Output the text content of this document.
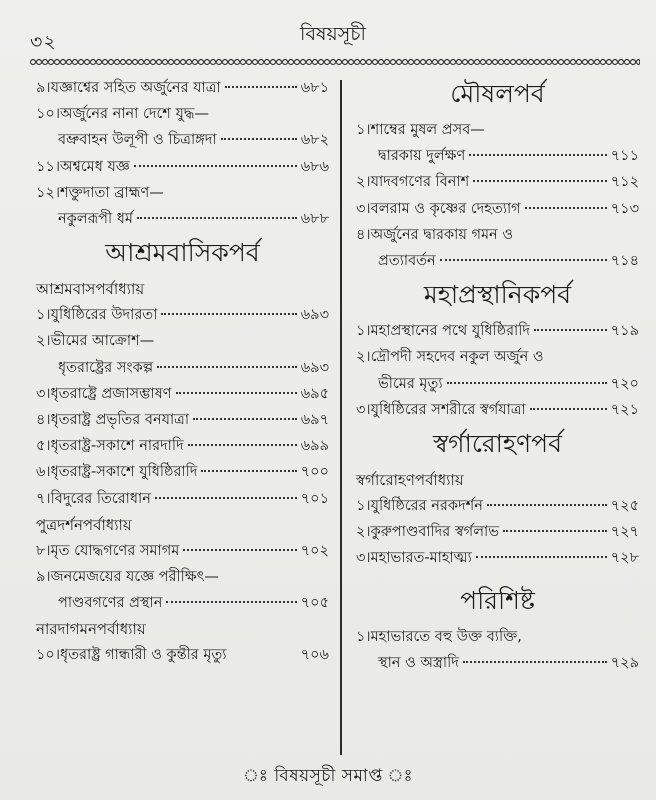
৩২	বিষয়সূচী
৯। যজ্ঞাশ্বের সহিত অর্জুনের যাত্রা	৬৮১
১০। অর্জুনের নানা দেশে যুদ্ধ—
বভ্রুবাহন উলূপী ও চিত্রাঙ্গদা	৬৮২
১১। অশ্বমেধ যজ্ঞ	৬৮৬
১২। শক্তুদাতা ব্রাহ্মণ—
নকুলরূপী ধর্ম	৬৮৮
আশ্রমবাসিকপর্ব
আশ্রমবাসপর্বাধ্যায়
১। যুধিষ্ঠিরের উদারতা	৬৯৩
২। ভীমের আক্রোশ—
ধৃতরাষ্ট্রের সংকল্প	৬৯৩
৩। ধৃতরাষ্ট্রে প্রজাসম্ভাষণ	৬৯৫
৪। ধৃতরাষ্ট্র প্রভৃতির বনযাত্রা	৬৯৭
৫। ধৃতরাষ্ট্র-সকাশে নারদাদি	৬৯৯
৬। ধৃতরাষ্ট্র-সকাশে যুধিষ্ঠিরাদি	৭০০
৭। বিদুরের তিরোধান	৭০১
পুত্রদর্শনপর্বাধ্যায়
৮। মৃত যোদ্ধগণের সমাগম	৭০২
৯। জনমেজয়ের যজ্ঞে পরীক্ষিৎ—
পাণ্ডবগণের প্রস্থান	৭০৫
নারদাগমনপর্বাধ্যায়
১০। ধৃতরাষ্ট্র গান্ধারী ও কুন্তীর মৃত্যু	৭০৬
মৌষলপর্ব
১। শাম্বের মুষল প্রসব—
দ্বারকায় দুর্লক্ষণ	৭১১
২। যাদবগণের বিনাশ	৭১২
৩। বলরাম ও কৃষ্ণের দেহত্যাগ	৭১৩
৪। অর্জুনের দ্বারকায় গমন ও
প্রত্যাবর্তন	৭১৪
মহাপ্রস্থানিকপর্ব
১। মহাপ্রস্থানের পথে যুধিষ্ঠিরাদি	৭১৯
২। দ্রৌপদী সহদেব নকুল অর্জুন ও
ভীমের মৃত্যু	৭২০
৩। যুধিষ্ঠিরের সশরীরে স্বর্গযাত্রা	৭২১
স্বর্গারোহণপর্ব
স্বর্গারোহণপর্বাধ্যায়
১। যুধিষ্ঠিরের নরকদর্শন	৭২৫
২। কুরুপাণ্ডবাদির স্বর্গলাভ	৭২৭
৩। মহাভারত-মাহাত্ম্য	৭২৮
পরিশিষ্ট
১। মহাভারতে বহু উক্ত ব্যক্তি,
স্থান ও অস্ত্রাদি	৭২৯
ঃ বিষয়সূচী সমাপ্ত ঃ
